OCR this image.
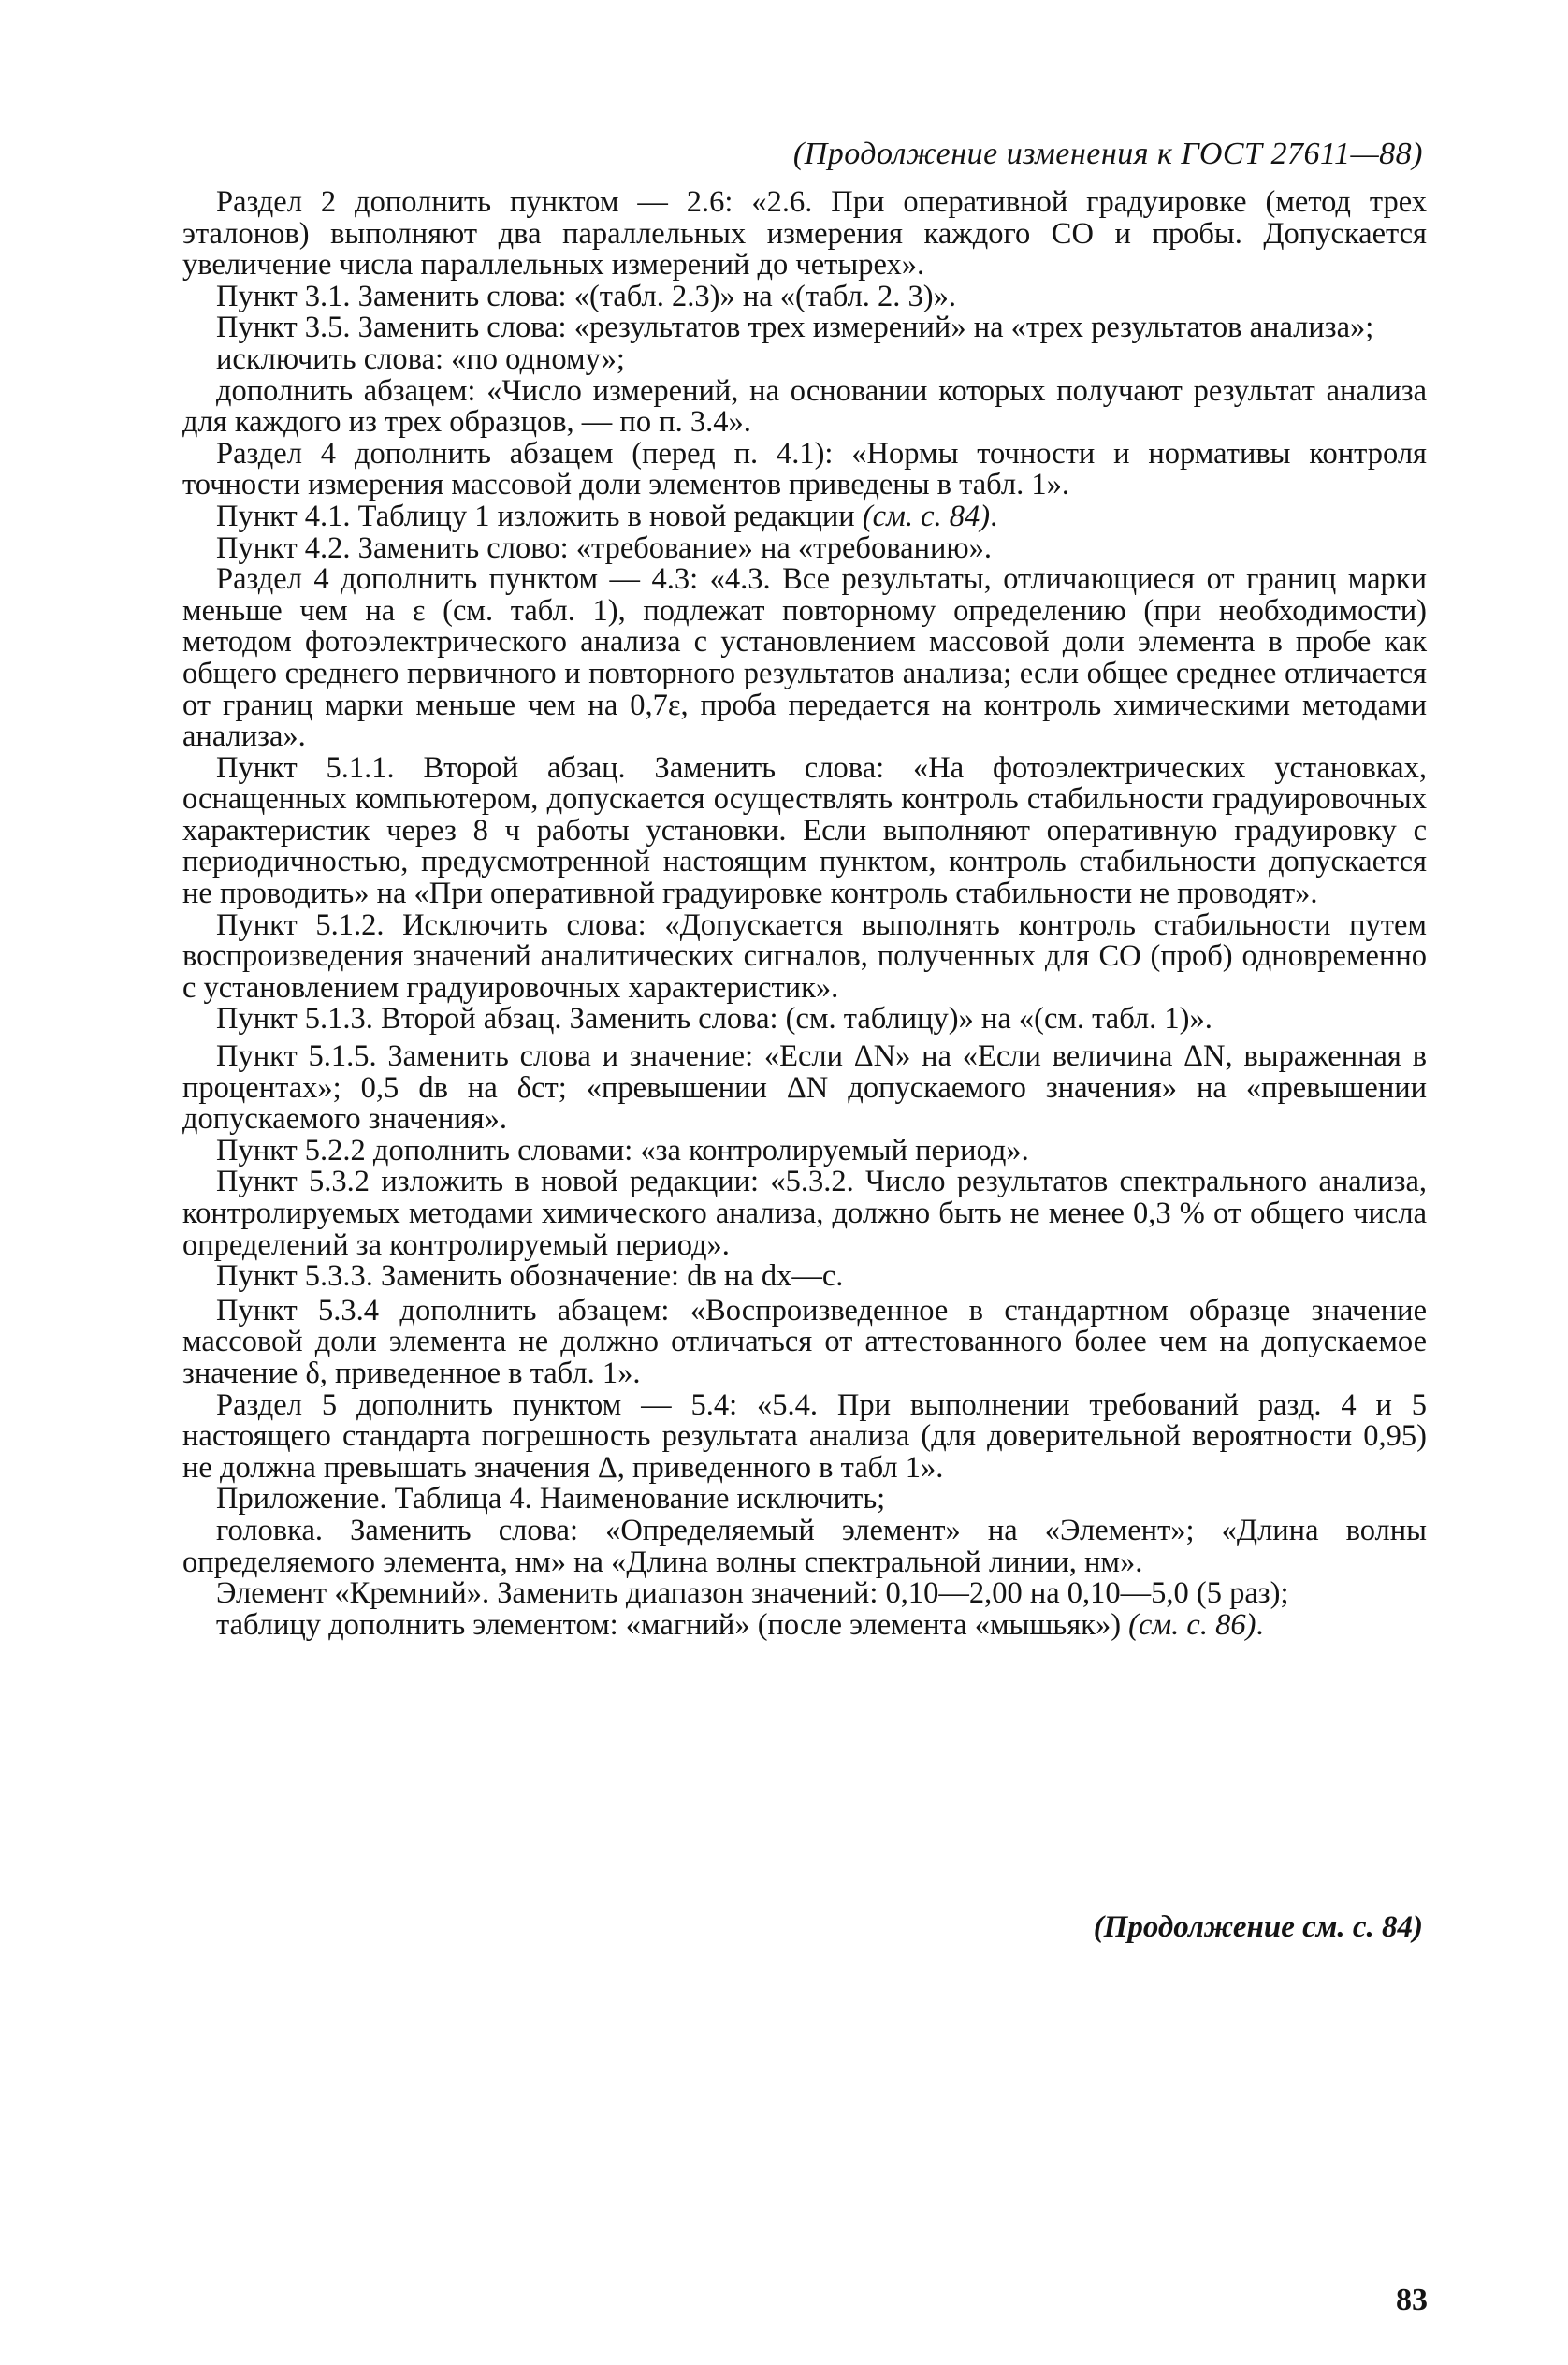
(Продолжение изменения к ГОСТ 27611—88)

Раздел 2 дополнить пунктом — 2.6: «2.6. При оперативной градуировке (метод трех эталонов) выполняют два параллельных измерения каждого СО и пробы. Допускается увеличение числа параллельных измерений до четырех».

Пункт 3.1. Заменить слова: «(табл. 2.3)» на «(табл. 2. 3)».

Пункт 3.5. Заменить слова: «результатов трех измерений» на «трех результатов анализа»;

исключить слова: «по одному»;

дополнить абзацем: «Число измерений, на основании которых получают результат анализа для каждого из трех образцов, — по п. 3.4».

Раздел 4 дополнить абзацем (перед п. 4.1): «Нормы точности и нормативы контроля точности измерения массовой доли элементов приведены в табл. 1».

Пункт 4.1. Таблицу 1 изложить в новой редакции (см. с. 84).

Пункт 4.2. Заменить слово: «требование» на «требованию».

Раздел 4 дополнить пунктом — 4.3: «4.3. Все результаты, отличающиеся от границ марки меньше чем на ε (см. табл. 1), подлежат повторному определению (при необходимости) методом фотоэлектрического анализа с установлением массовой доли элемента в пробе как общего среднего первичного и повторного результатов анализа; если общее среднее отличается от границ марки меньше чем на 0,7ε, проба передается на контроль химическими методами анализа».

Пункт 5.1.1. Второй абзац. Заменить слова: «На фотоэлектрических установках, оснащенных компьютером, допускается осуществлять контроль стабильности градуировочных характеристик через 8 ч работы установки. Если выполняют оперативную градуировку с периодичностью, предусмотренной настоящим пунктом, контроль стабильности допускается не проводить» на «При оперативной градуировке контроль стабильности не проводят».

Пункт 5.1.2. Исключить слова: «Допускается выполнять контроль стабильности путем воспроизведения значений аналитических сигналов, полученных для СО (проб) одновременно с установлением градуировочных характеристик».

Пункт 5.1.3. Второй абзац. Заменить слова: (см. таблицу)» на «(см. табл. 1)».

Пункт 5.1.5. Заменить слова и значение: «Если ΔN» на «Если величина ΔN, выраженная в процентах»; 0,5 dв на δст; «превышении ΔN допускаемого значения» на «превышении допускаемого значения».

Пункт 5.2.2 дополнить словами: «за контролируемый период».

Пункт 5.3.2 изложить в новой редакции: «5.3.2. Число результатов спектрального анализа, контролируемых методами химического анализа, должно быть не менее 0,3 % от общего числа определений за контролируемый период».

Пункт 5.3.3. Заменить обозначение: dв на dх—с.

Пункт 5.3.4 дополнить абзацем: «Воспроизведенное в стандартном образце значение массовой доли элемента не должно отличаться от аттестованного более чем на допускаемое значение δ, приведенное в табл. 1».

Раздел 5 дополнить пунктом — 5.4: «5.4. При выполнении требований разд. 4 и 5 настоящего стандарта погрешность результата анализа (для доверительной вероятности 0,95) не должна превышать значения Δ, приведенного в табл 1».

Приложение. Таблица 4. Наименование исключить;

головка. Заменить слова: «Определяемый элемент» на «Элемент»; «Длина волны определяемого элемента, нм» на «Длина волны спектральной линии, нм».

Элемент «Кремний». Заменить диапазон значений: 0,10—2,00 на 0,10—5,0 (5 раз);

таблицу дополнить элементом: «магний» (после элемента «мышьяк») (см. с. 86).

(Продолжение см. с. 84)
83
